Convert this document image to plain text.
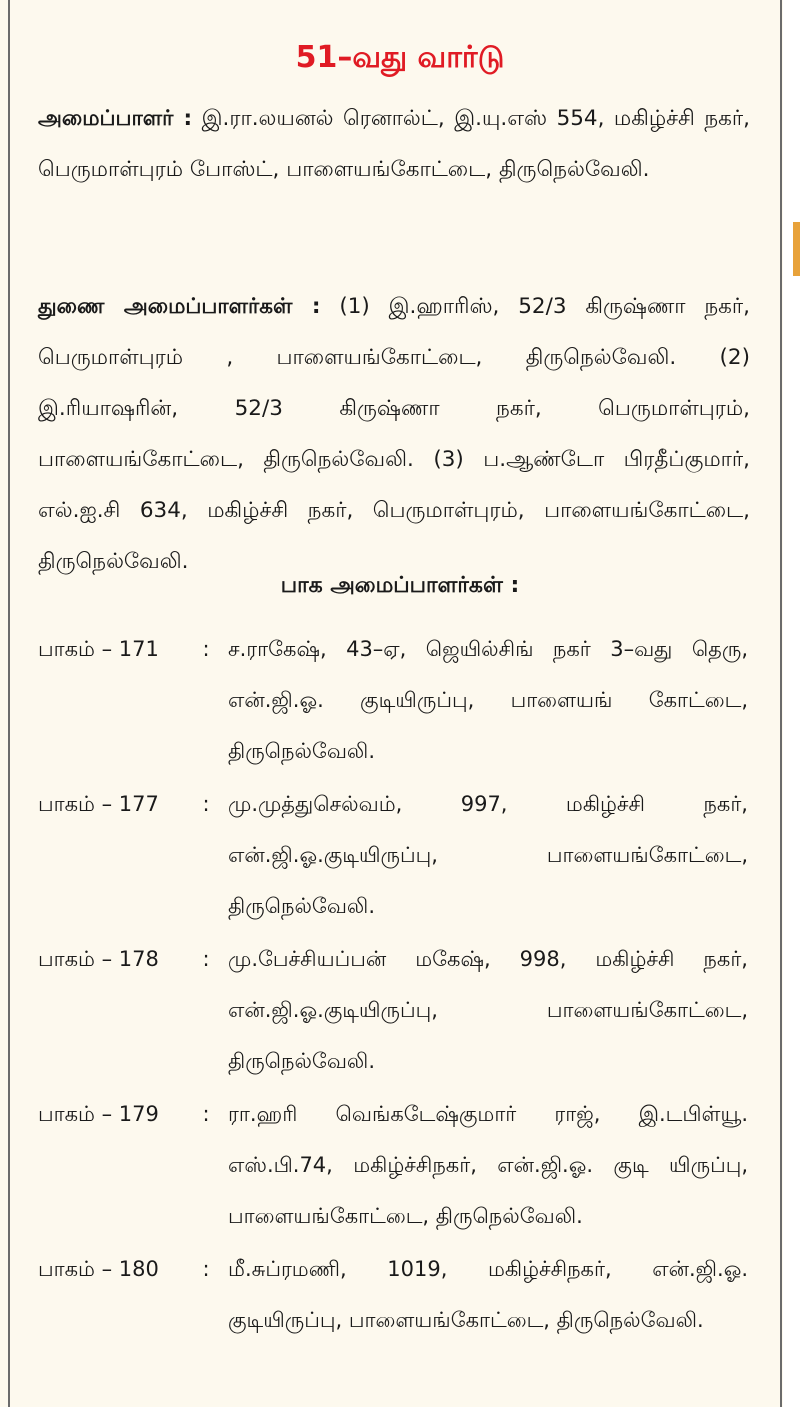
51–வது வார்டு

அமைப்பாளர் : இ.ரா.லயனல் ரெனால்ட், இ.யு.எஸ் 554, மகிழ்ச்சி நகர், பெருமாள்புரம் போஸ்ட், பாளையங்கோட்டை, திருநெல்வேலி.

துணை அமைப்பாளர்கள் : (1) இ.ஹாரிஸ், 52/3 கிருஷ்ணா நகர், பெருமாள்புரம் , பாளையங்கோட்டை, திருநெல்வேலி. (2) இ.ரியாஷரின், 52/3 கிருஷ்ணா நகர், பெருமாள்புரம், பாளையங்கோட்டை, திருநெல்வேலி. (3) ப.ஆண்டோ பிரதீப்குமார், எல்.ஐ.சி 634, மகிழ்ச்சி நகர், பெருமாள்புரம், பாளையங்கோட்டை, திருநெல்வேலி.

பாக அமைப்பாளர்கள் :
பாகம் – 171	: ச.ராகேஷ், 43–ஏ, ஜெயில்சிங் நகர் 3–வது தெரு, என்.ஜி.ஓ. குடியிருப்பு, பாளையங் கோட்டை, திருநெல்வேலி.

பாகம் – 177	: மு.முத்துசெல்வம், 997, மகிழ்ச்சி நகர், என்.ஜி.ஓ.குடியிருப்பு, பாளையங்கோட்டை, திருநெல்வேலி.

பாகம் – 178	: மு.பேச்சியப்பன் மகேஷ், 998, மகிழ்ச்சி நகர், என்.ஜி.ஓ.குடியிருப்பு, பாளையங்கோட்டை, திருநெல்வேலி.

பாகம் – 179	: ரா.ஹரி வெங்கடேஷ்குமார் ராஜ், இ.டபிள்யூ. எஸ்.பி.74, மகிழ்ச்சிநகர், என்.ஜி.ஓ. குடி யிருப்பு, பாளையங்கோட்டை, திருநெல்வேலி.

பாகம் – 180	: மீ.சுப்ரமணி, 1019, மகிழ்ச்சிநகர், என்.ஜி.ஓ. குடியிருப்பு, பாளையங்கோட்டை, திருநெல்வேலி.
